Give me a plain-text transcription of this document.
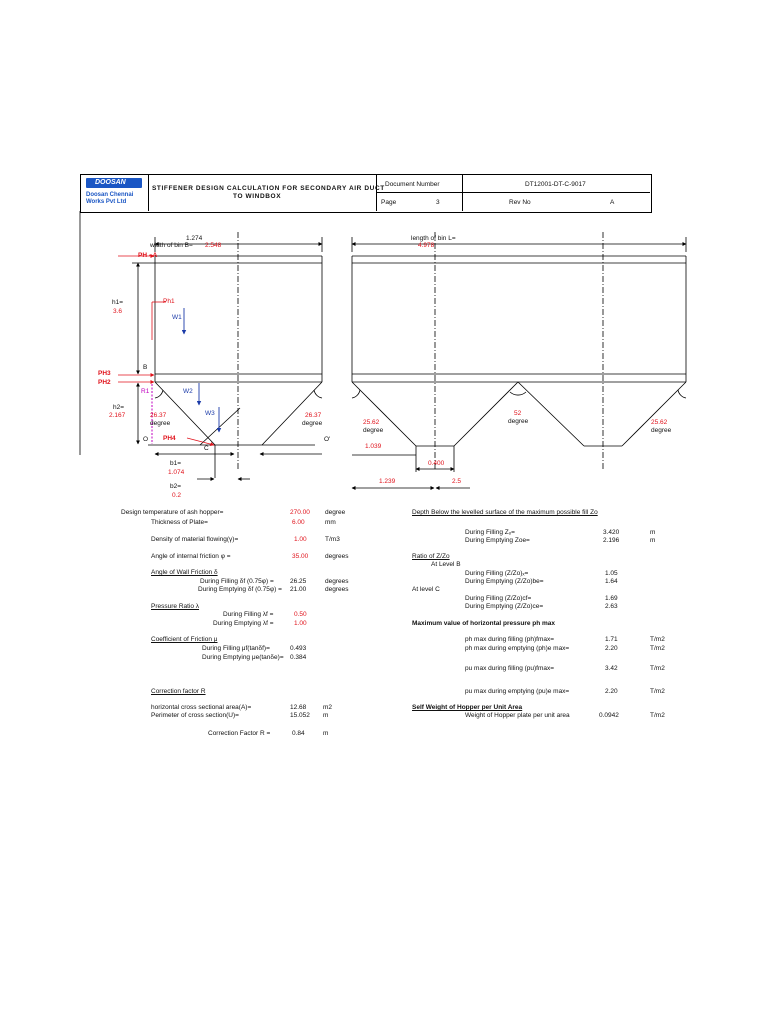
DOOSAN
Doosan Chennai
Works Pvt Ltd
STIFFENER DESIGN CALCULATION FOR SECONDARY AIR DUCT
TO WINDBOX
Document Number	DT12001-DT-C-9017
Page	3	Rev No	A
1.274
width of bin B= 2.548
PH - A
Ph1
W1
h1=
3.6
B
PH3
PH2
R1	W2
W3
h2=
2.167	26.37
degree
26.37
degree
PH4
O	O'
C
b1=
1.074
b2=
0.2
length of bin L=
4.978
25.62
degree
52
degree	25.62
degree
1.039
0.400
1.239	2.5
Design temperature of ash hopper=	270.00 degree
Thickness of Plate=	6.00	mm
Density of material flowing(γ)=	1.00	T/m3
Angle of internal friction φ =	35.00	degrees
Angle of Wall Friction δ
During Filling δf (0.75φ) = 26.25	degrees
During Emptying δf (0.75φ) = 21.00	degrees
Pressure Ratio λ
During Filling λf =	0.50
During Emptying λf =	1.00
Coefficient of Friction μ
During Filling μf(tanδf)=	0.493
During Emptying μe(tanδe)= 0.384
Correction factor R
horizontal cross sectional area(A)=	12.68	m2
Perimeter of cross section(U)=	15.052 m
Correction Factor R =	0.84	m
Depth Below the levelled surface of the maximum possible fill Zo
During Filling Zₒ=	3.420	m
During Emptying Zoe=	2.196	m
Ratio of Z/Zo
At Level B
During Filling (Z/Zo)ₓ=	1.05
During Emptying (Z/Zo)be=	1.64
At level C
During Filling (Z/Zo)cf=	1.69
During Emptying (Z/Zo)ce=	2.63
Maximum value of horizontal pressure ph max
ph max during filling (ph)fmax=	1.71	T/m2
ph max during emptying (ph)e max=	2.20	T/m2
pu max during filling (pu)fmax=	3.42	T/m2
pu max during emptying (pu)e max=	2.20	T/m2
Self Weight of Hopper per Unit Area
Weight of Hopper plate per unit area	0.0942	T/m2
